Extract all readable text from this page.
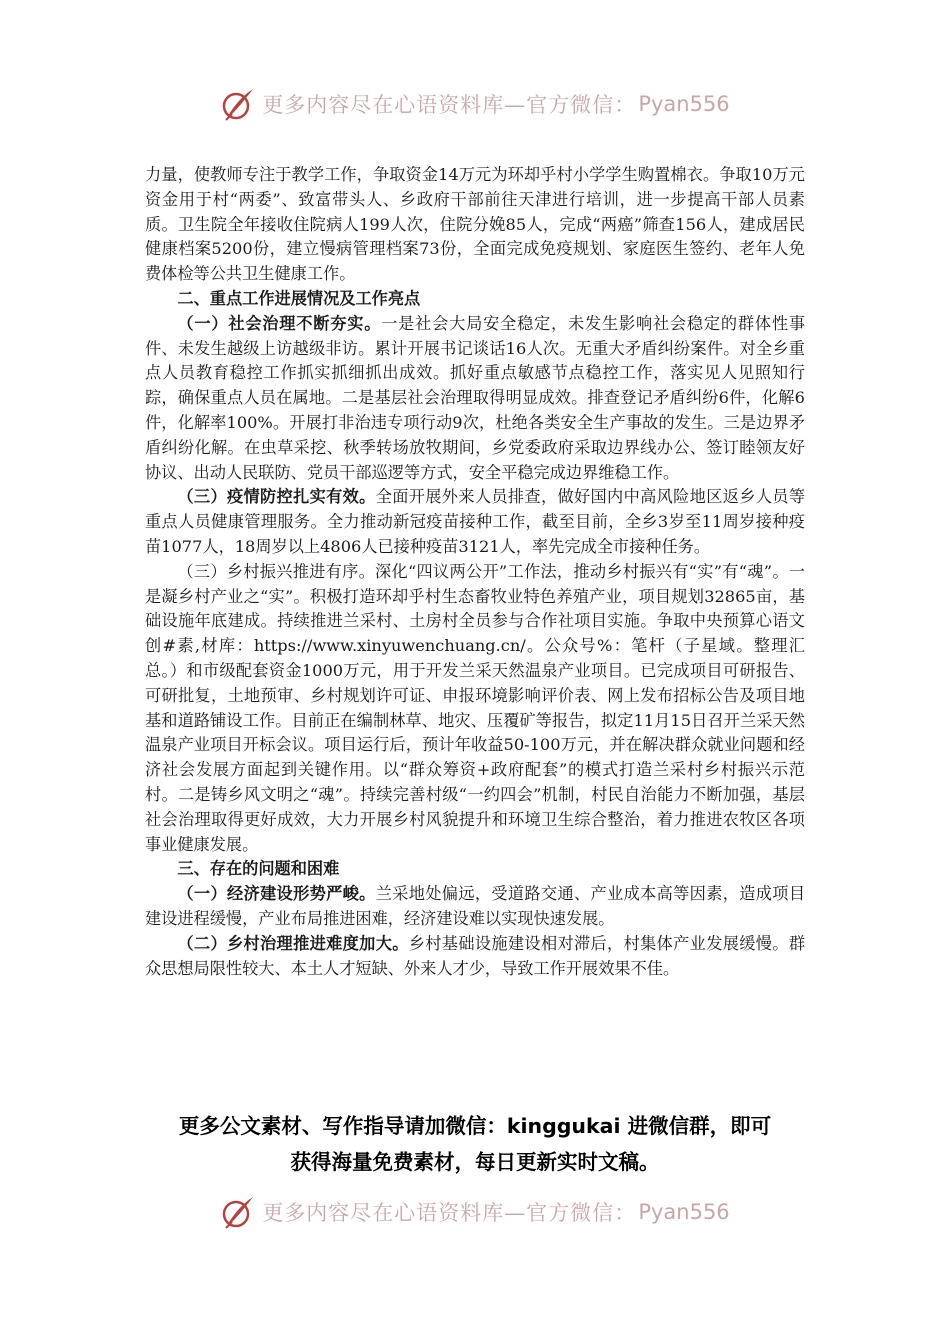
更多内容尽在心语资料库—官方微信： Pyan556

力量，使教师专注于教学工作，争取资金14万元为环却乎村小学学生购置棉衣。争取10万元资金用于村“两委”、致富带头人、乡政府干部前往天津进行培训，进一步提高干部人员素质。卫生院全年接收住院病人199人次，住院分娩85人，完成“两癌”筛查156人，建成居民健康档案5200份，建立慢病管理档案73份，全面完成免疫规划、家庭医生签约、老年人免费体检等公共卫生健康工作。

二、重点工作进展情况及工作亮点

（一）社会治理不断夯实。一是社会大局安全稳定，未发生影响社会稳定的群体性事件、未发生越级上访越级非访。累计开展书记谈话16人次。无重大矛盾纠纷案件。对全乡重点人员教育稳控工作抓实抓细抓出成效。抓好重点敏感节点稳控工作，落实见人见照知行踪，确保重点人员在属地。二是基层社会治理取得明显成效。排查登记矛盾纠纷6件，化解6件，化解率100%。开展打非治违专项行动9次，杜绝各类安全生产事故的发生。三是边界矛盾纠纷化解。在虫草采挖、秋季转场放牧期间，乡党委政府采取边界线办公、签订睦领友好协议、出动人民联防、党员干部巡逻等方式，安全平稳完成边界维稳工作。

（三）疫情防控扎实有效。全面开展外来人员排查，做好国内中高风险地区返乡人员等重点人员健康管理服务。全力推动新冠疫苗接种工作，截至目前，全乡3岁至11周岁接种疫苗1077人，18周岁以上4806人已接种疫苗3121人，率先完成全市接种任务。

（三）乡村振兴推进有序。深化“四议两公开”工作法，推动乡村振兴有“实”有“魂”。一是凝乡村产业之“实”。积极打造环却乎村生态畜牧业特色养殖产业，项目规划32865亩，基础设施年底建成。持续推进兰采村、土房村全员参与合作社项目实施。争取中央预算心语文创#素,材库：https://www.xinyuwenchuang.cn/。公众号%：笔杆（子星域。整理汇总。）和市级配套资金1000万元，用于开发兰采天然温泉产业项目。已完成项目可研报告、可研批复，土地预审、乡村规划许可证、申报环境影响评价表、网上发布招标公告及项目地基和道路铺设工作。目前正在编制林草、地灾、压覆矿等报告，拟定11月15日召开兰采天然温泉产业项目开标会议。项目运行后，预计年收益50-100万元，并在解决群众就业问题和经济社会发展方面起到关键作用。以“群众筹资+政府配套”的模式打造兰采村乡村振兴示范村。二是铸乡风文明之“魂”。持续完善村级“一约四会”机制，村民自治能力不断加强，基层社会治理取得更好成效，大力开展乡村风貌提升和环境卫生综合整治，着力推进农牧区各项事业健康发展。

三、存在的问题和困难

（一）经济建设形势严峻。兰采地处偏远，受道路交通、产业成本高等因素，造成项目建设进程缓慢，产业布局推进困难，经济建设难以实现快速发展。

（二）乡村治理推进难度加大。乡村基础设施建设相对滞后，村集体产业发展缓慢。群众思想局限性较大、本土人才短缺、外来人才少，导致工作开展效果不佳。

更多公文素材、写作指导请加微信：kinggukai 进微信群，即可
获得海量免费素材，每日更新实时文稿。
更多内容尽在心语资料库—官方微信： Pyan556
